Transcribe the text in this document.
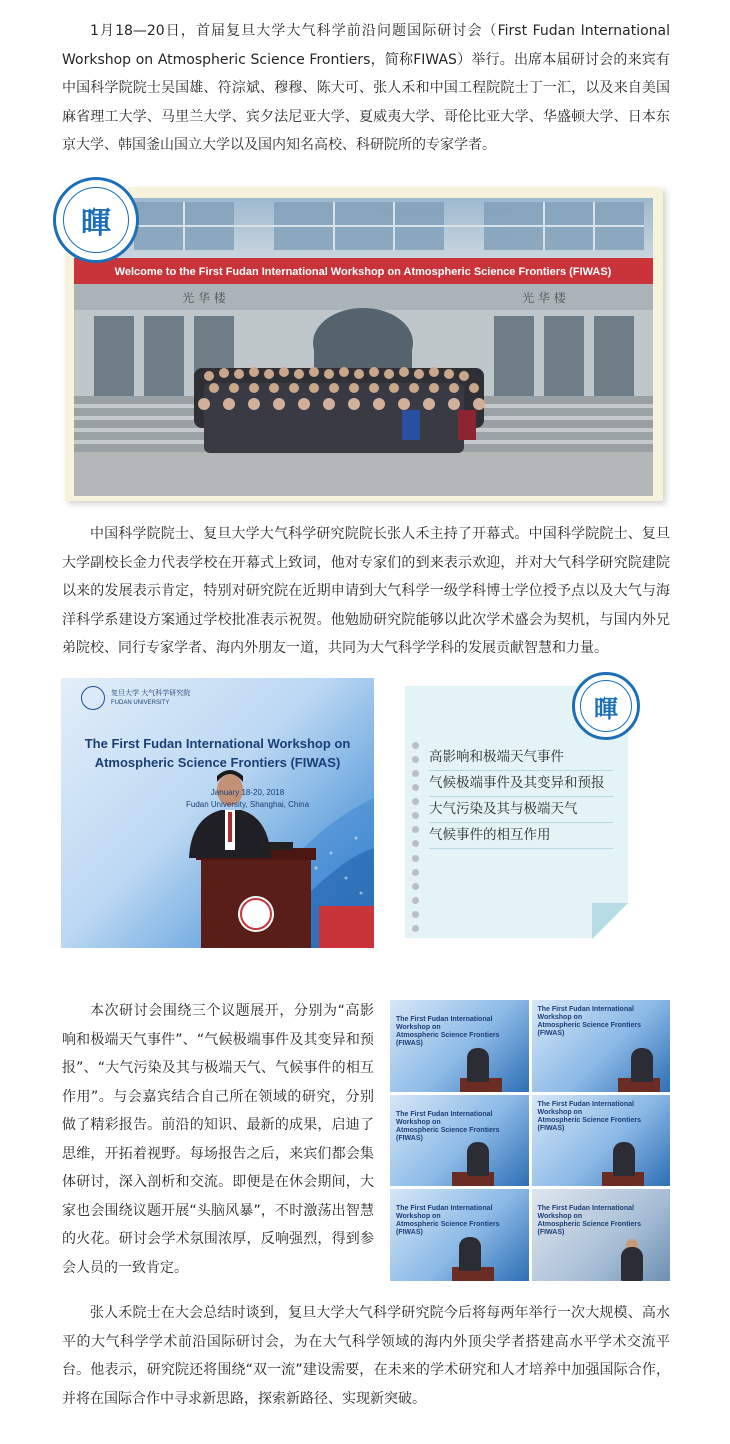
1月18—20日，首届复旦大学大气科学前沿问题国际研讨会（First Fudan International Workshop on Atmospheric Science Frontiers，简称FIWAS）举行。出席本届研讨会的来宾有中国科学院院士吴国雄、符淙斌、穆穆、陈大可、张人禾和中国工程院院士丁一汇，以及来自美国麻省理工大学、马里兰大学、宾夕法尼亚大学、夏威夷大学、哥伦比亚大学、华盛顿大学、日本东京大学、韩国釜山国立大学以及国内知名高校、科研院所的专家学者。
Welcome to the First Fudan International Workshop on Atmospheric Science Frontiers (FIWAS)
光 华 楼	光 华 楼
暉
中国科学院院士、复旦大学大气科学研究院院长张人禾主持了开幕式。中国科学院院士、复旦大学副校长金力代表学校在开幕式上致词，他对专家们的到来表示欢迎，并对大气科学研究院建院以来的发展表示肯定，特别对研究院在近期申请到大气科学一级学科博士学位授予点以及大气与海洋科学系建设方案通过学校批准表示祝贺。他勉励研究院能够以此次学术盛会为契机，与国内外兄弟院校、同行专家学者、海内外朋友一道，共同为大气科学学科的发展贡献智慧和力量。
复旦大学 大气科学研究院
FUDAN UNIVERSITY
The First Fudan International Workshop on
Atmospheric Science Frontiers (FIWAS)
January 18-20, 2018
Fudan University, Shanghai, China
暉
高影响和极端天气事件
气候极端事件及其变异和预报
大气污染及其与极端天气
气候事件的相互作用
本次研讨会围绕三个议题展开，分别为“高影响和极端天气事件”、“气候极端事件及其变异和预报”、“大气污染及其与极端天气、气候事件的相互作用”。与会嘉宾结合自己所在领域的研究，分别做了精彩报告。前沿的知识、最新的成果，启迪了思维，开拓着视野。每场报告之后，来宾们都会集体研讨，深入剖析和交流。即便是在休会期间，大家也会围绕议题开展“头脑风暴”，不时激荡出智慧的火花。研讨会学术氛围浓厚，反响强烈，得到参会人员的一致肯定。
The First Fudan International Workshop on
Atmospheric Science Frontiers (FIWAS)
The First Fudan International Workshop on
Atmospheric Science Frontiers (FIWAS)
The First Fudan International Workshop on
Atmospheric Science Frontiers (FIWAS)
The First Fudan International Workshop on
Atmospheric Science Frontiers (FIWAS)
The First Fudan International Workshop on
Atmospheric Science Frontiers (FIWAS)
The First Fudan International Workshop on
Atmospheric Science Frontiers (FIWAS)
张人禾院士在大会总结时谈到，复旦大学大气科学研究院今后将每两年举行一次大规模、高水平的大气科学学术前沿国际研讨会，为在大气科学领域的海内外顶尖学者搭建高水平学术交流平台。他表示，研究院还将围绕“双一流”建设需要，在未来的学术研究和人才培养中加强国际合作，并将在国际合作中寻求新思路，探索新路径、实现新突破。
